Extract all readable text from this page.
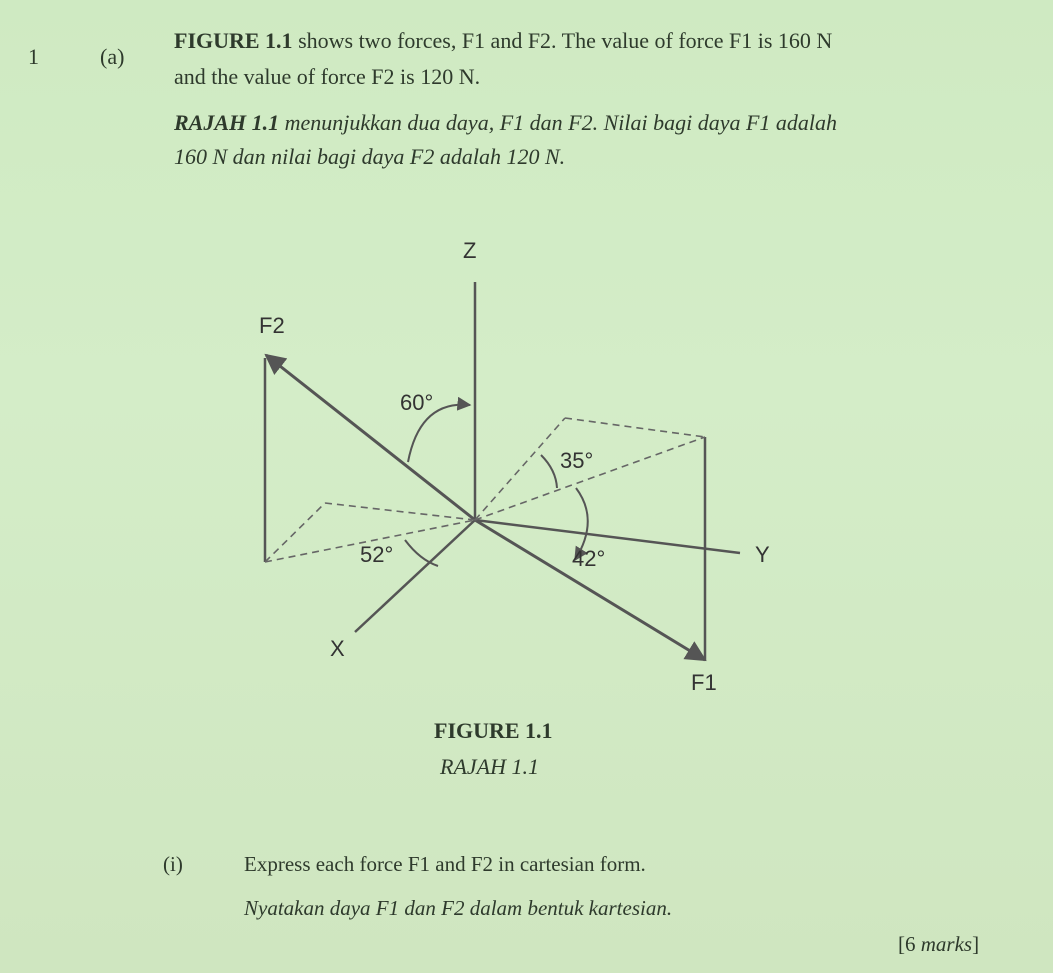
1	(a)
FIGURE 1.1 shows two forces, F1 and F2. The value of force F1 is 160 N
and the value of force F2 is 120 N.
RAJAH 1.1 menunjukkan dua daya, F1 dan F2. Nilai bagi daya F1 adalah
160 N dan nilai bagi daya F2 adalah 120 N.
Z
Y
X
F2
F1
60°
35°
42°
52°
FIGURE 1.1
RAJAH 1.1
(i)	Express each force F1 and F2 in cartesian form.
Nyatakan daya F1 dan F2 dalam bentuk kartesian.
[6 marks]
